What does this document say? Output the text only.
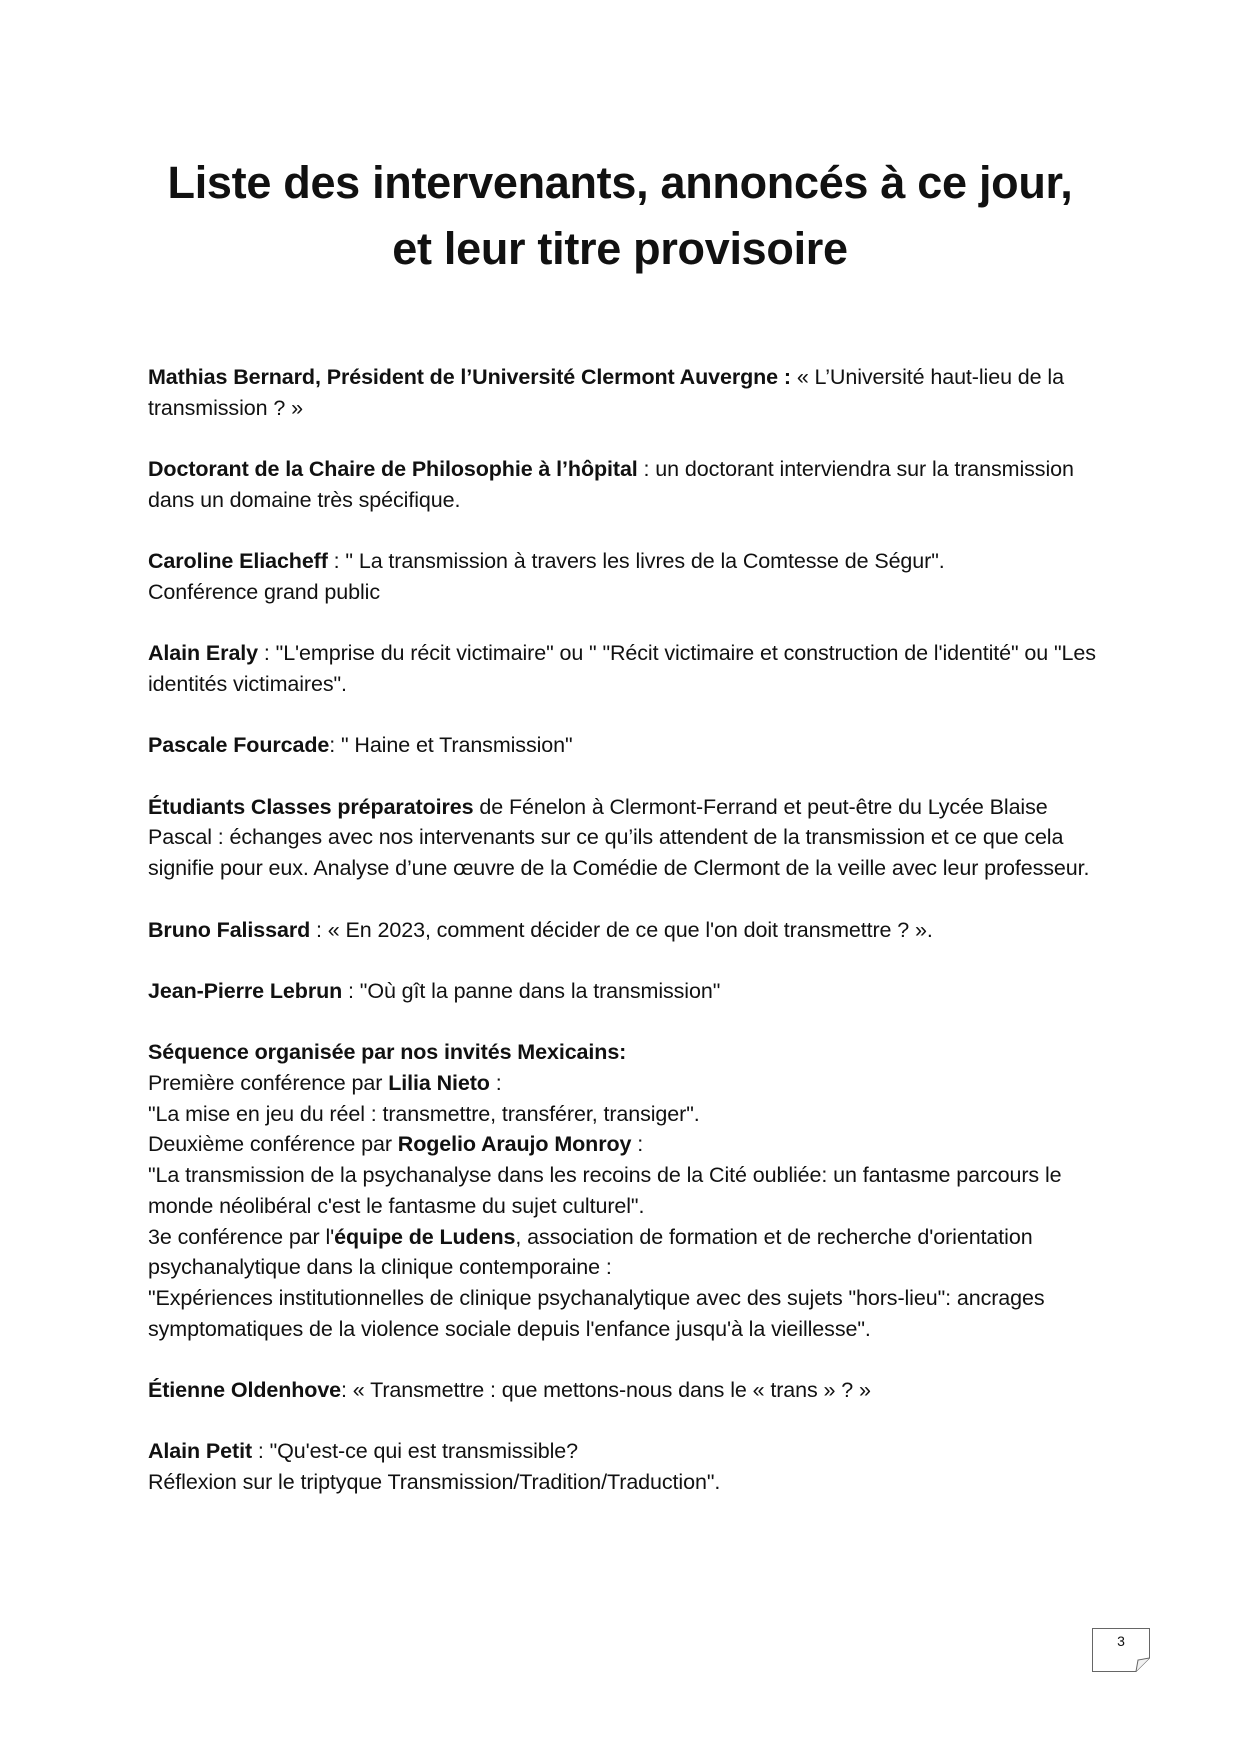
Liste des intervenants, annoncés à ce jour,
et leur titre provisoire

Mathias Bernard, Président de l’Université Clermont Auvergne : « L’Université haut-lieu de la transmission ? »

Doctorant de la Chaire de Philosophie à l’hôpital : un doctorant interviendra sur la transmission dans un domaine très spécifique.

Caroline Eliacheff : " La transmission à travers les livres de la Comtesse de Ségur".

Conférence grand public

Alain Eraly : "L'emprise du récit victimaire" ou " "Récit victimaire et construction de l'identité" ou "Les identités victimaires".

Pascale Fourcade: " Haine et Transmission"

Étudiants Classes préparatoires de Fénelon à Clermont-Ferrand et peut-être du Lycée Blaise Pascal : échanges avec nos intervenants sur ce qu’ils attendent de la transmission et ce que cela signifie pour eux. Analyse d’une œuvre de la Comédie de Clermont de la veille avec leur professeur.

Bruno Falissard : « En 2023, comment décider de ce que l'on doit transmettre ? ».

Jean-Pierre Lebrun : "Où gît la panne dans la transmission"

Séquence organisée par nos invités Mexicains:

Première conférence par Lilia Nieto :

"La mise en jeu du réel : transmettre, transférer, transiger".

Deuxième conférence par Rogelio Araujo Monroy :

"La transmission de la psychanalyse dans les recoins de la Cité oubliée: un fantasme parcours le monde néolibéral c'est le fantasme du sujet culturel".

3e conférence par l'équipe de Ludens, association de formation et de recherche d'orientation psychanalytique dans la clinique contemporaine :

"Expériences institutionnelles de clinique psychanalytique avec des sujets "hors-lieu": ancrages symptomatiques de la violence sociale depuis l'enfance jusqu'à la vieillesse".

Étienne Oldenhove: « Transmettre : que mettons-nous dans le « trans » ? »

Alain Petit : "Qu'est-ce qui est transmissible?

Réflexion sur le triptyque Transmission/Tradition/Traduction".

3
